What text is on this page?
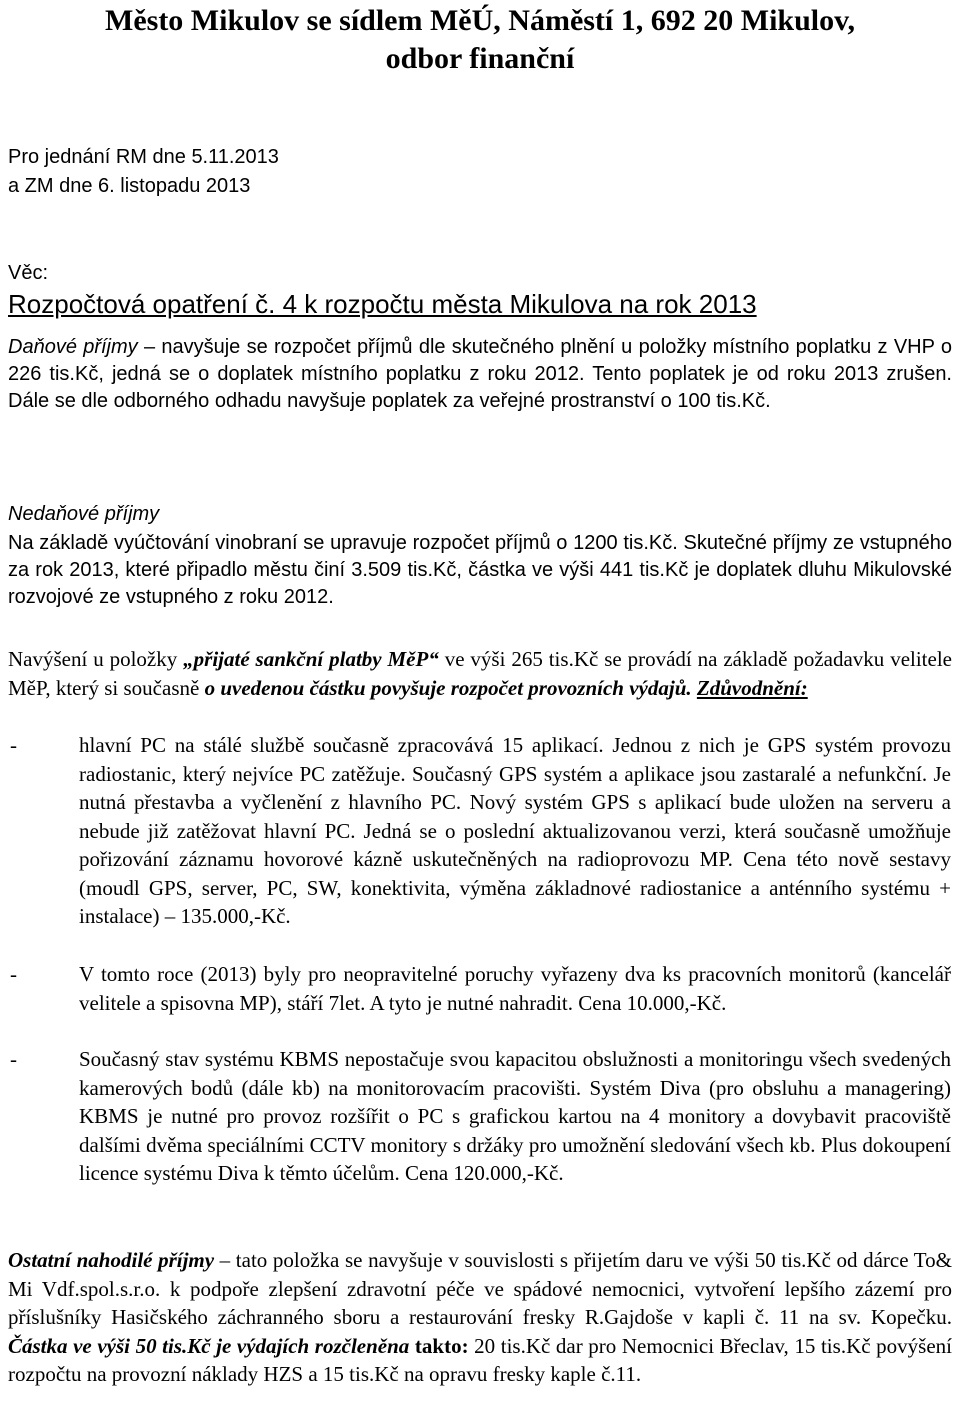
Město Mikulov se sídlem MěÚ, Náměstí 1, 692 20 Mikulov,
odbor finanční

Pro jednání RM dne 5.11.2013

a ZM dne 6. listopadu 2013

Věc:

Rozpočtová opatření č. 4 k rozpočtu města Mikulova na rok 2013

Daňové příjmy – navyšuje se rozpočet příjmů dle skutečného plnění u položky místního poplatku z VHP o 226 tis.Kč, jedná se o doplatek místního poplatku z roku 2012. Tento poplatek je od roku 2013 zrušen. Dále se dle odborného odhadu navyšuje poplatek za veřejné prostranství o 100 tis.Kč.

Nedaňové příjmy

Na základě vyúčtování vinobraní se upravuje rozpočet příjmů o 1200 tis.Kč. Skutečné příjmy ze vstupného za rok 2013, které připadlo městu činí 3.509 tis.Kč, částka ve výši 441 tis.Kč je doplatek dluhu Mikulovské rozvojové ze vstupného z roku 2012.

Navýšení u položky „přijaté sankční platby MěP“ ve výši 265 tis.Kč se provádí na základě požadavku velitele MěP, který si současně o uvedenou částku povyšuje rozpočet provozních výdajů. Zdůvodnění:

-	hlavní PC na stálé službě současně zpracovává 15 aplikací. Jednou z nich je GPS systém provozu radiostanic, který nejvíce PC zatěžuje. Současný GPS systém a aplikace jsou zastaralé a nefunkční. Je nutná přestavba a vyčlenění z hlavního PC. Nový systém GPS s aplikací bude uložen na serveru a nebude již zatěžovat hlavní PC. Jedná se o poslední aktualizovanou verzi, která současně umožňuje pořizování záznamu hovorové kázně uskutečněných na radioprovozu MP. Cena této nově sestavy (moudl GPS, server, PC, SW, konektivita, výměna základnové radiostanice a anténního systému + instalace) – 135.000,-Kč.

-	V tomto roce (2013) byly pro neopravitelné poruchy vyřazeny dva ks pracovních monitorů (kancelář velitele a spisovna MP), stáří 7let. A tyto je nutné nahradit. Cena 10.000,-Kč.

-	Současný stav systému KBMS nepostačuje svou kapacitou obslužnosti a monitoringu všech svedených kamerových bodů (dále kb) na monitorovacím pracovišti. Systém Diva (pro obsluhu a managering) KBMS je nutné pro provoz rozšířit o PC s grafickou kartou na 4 monitory a dovybavit pracoviště dalšími dvěma speciálními CCTV monitory s držáky pro umožnění sledování všech kb. Plus dokoupení licence systému Diva k těmto účelům. Cena 120.000,-Kč.

Ostatní nahodilé příjmy – tato položka se navyšuje v souvislosti s přijetím daru ve výši 50 tis.Kč od dárce To& Mi Vdf.spol.s.r.o. k podpoře zlepšení zdravotní péče ve spádové nemocnici, vytvoření lepšího zázemí pro příslušníky Hasičského záchranného sboru a restaurování fresky R.Gajdoše v kapli č. 11 na sv. Kopečku. Částka ve výši 50 tis.Kč je výdajích rozčleněna takto: 20 tis.Kč dar pro Nemocnici Břeclav, 15 tis.Kč povýšení rozpočtu na provozní náklady HZS a 15 tis.Kč na opravu fresky kaple č.11.
